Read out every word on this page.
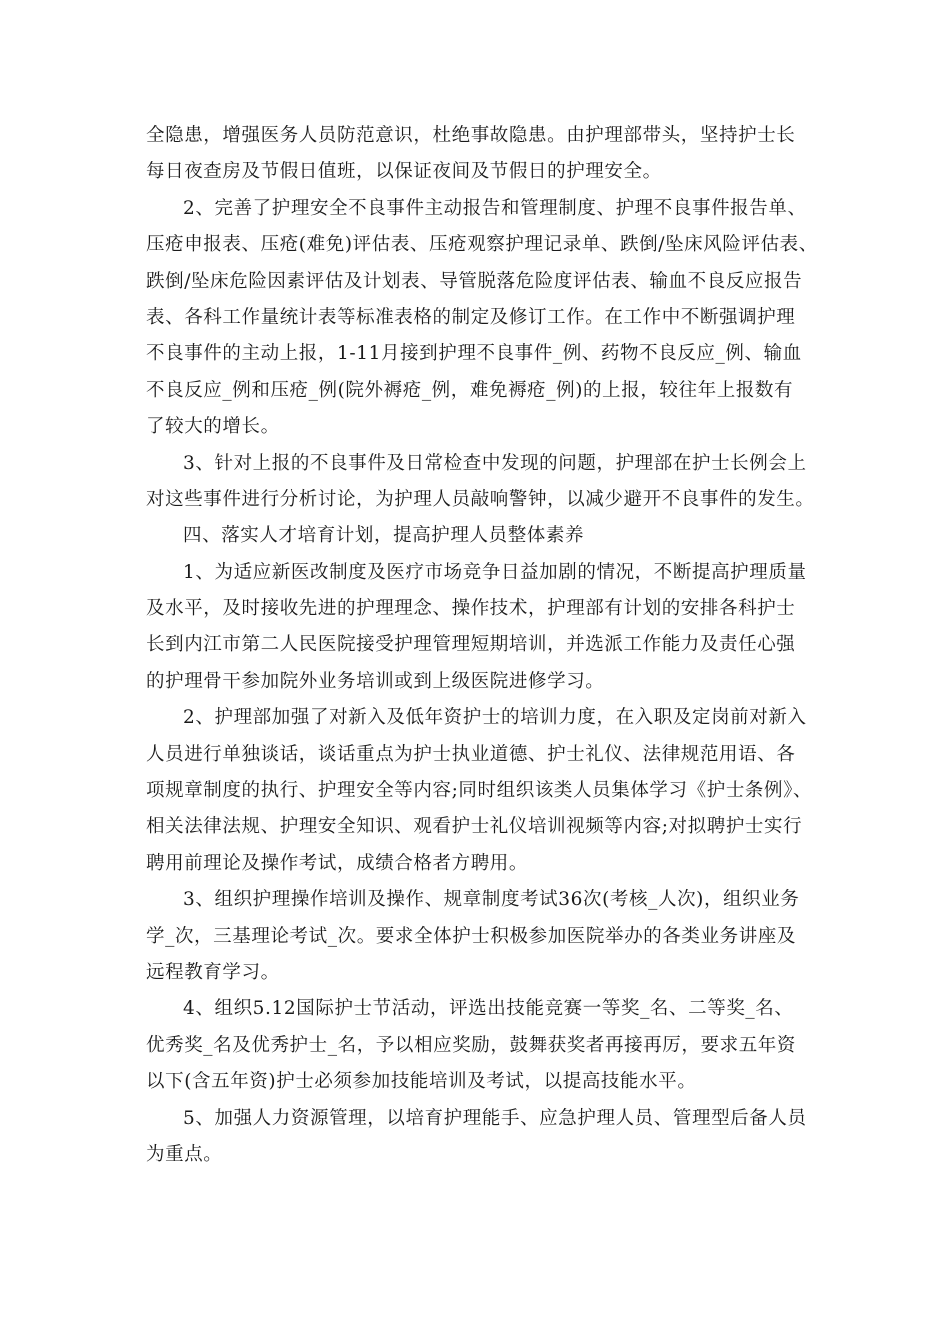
全隐患，增强医务人员防范意识，杜绝事故隐患。由护理部带头，坚持护士长
每日夜查房及节假日值班，以保证夜间及节假日的护理安全。
2、完善了护理安全不良事件主动报告和管理制度、护理不良事件报告单、
压疮申报表、压疮(难免)评估表、压疮观察护理记录单、跌倒/坠床风险评估表、
跌倒/坠床危险因素评估及计划表、导管脱落危险度评估表、输血不良反应报告
表、各科工作量统计表等标准表格的制定及修订工作。在工作中不断强调护理
不良事件的主动上报，1-11月接到护理不良事件_例、药物不良反应_例、输血
不良反应_例和压疮_例(院外褥疮_例，难免褥疮_例)的上报，较往年上报数有
了较大的增长。
3、针对上报的不良事件及日常检查中发现的问题，护理部在护士长例会上
对这些事件进行分析讨论，为护理人员敲响警钟，以减少避开不良事件的发生。
四、落实人才培育计划，提高护理人员整体素养
1、为适应新医改制度及医疗市场竞争日益加剧的情况，不断提高护理质量
及水平，及时接收先进的护理理念、操作技术，护理部有计划的安排各科护士
长到内江市第二人民医院接受护理管理短期培训，并选派工作能力及责任心强
的护理骨干参加院外业务培训或到上级医院进修学习。
2、护理部加强了对新入及低年资护士的培训力度，在入职及定岗前对新入
人员进行单独谈话，谈话重点为护士执业道德、护士礼仪、法律规范用语、各
项规章制度的执行、护理安全等内容;同时组织该类人员集体学习《护士条例》、
相关法律法规、护理安全知识、观看护士礼仪培训视频等内容;对拟聘护士实行
聘用前理论及操作考试，成绩合格者方聘用。
3、组织护理操作培训及操作、规章制度考试36次(考核_人次)，组织业务
学_次，三基理论考试_次。要求全体护士积极参加医院举办的各类业务讲座及
远程教育学习。
4、组织5.12国际护士节活动，评选出技能竞赛一等奖_名、二等奖_名、
优秀奖_名及优秀护士_名，予以相应奖励，鼓舞获奖者再接再厉，要求五年资
以下(含五年资)护士必须参加技能培训及考试，以提高技能水平。
5、加强人力资源管理，以培育护理能手、应急护理人员、管理型后备人员
为重点。
